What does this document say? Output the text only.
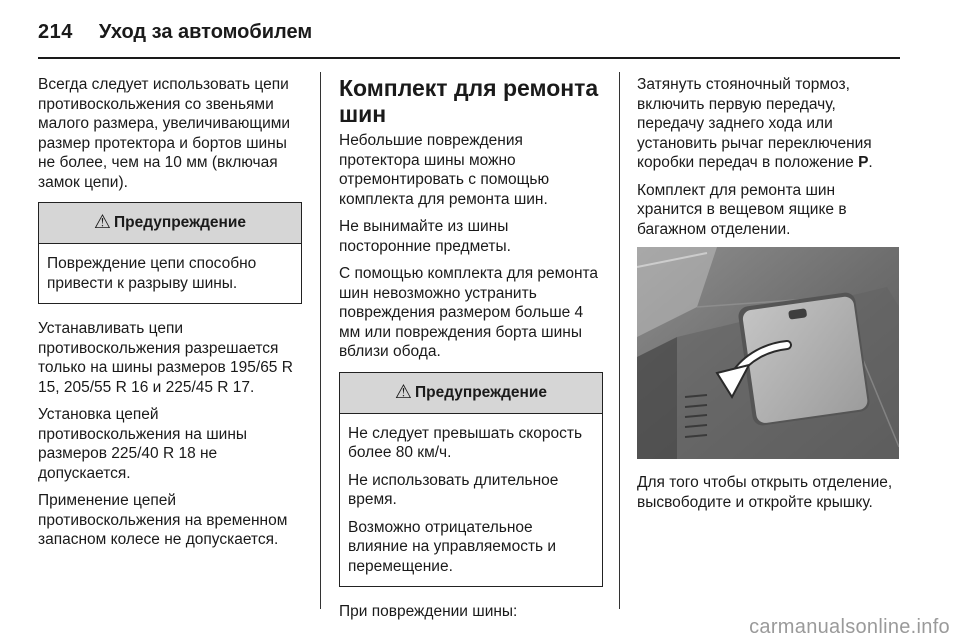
214 Уход за автомобилем

Всегда следует использовать цепи противоскольжения со звеньями малого размера, увеличивающими размер протектора и бортов шины не более, чем на 10 мм (включая замок цепи).

⚠ Предупреждение

Повреждение цепи способно привести к разрыву шины.

Устанавливать цепи противоскольжения разрешается только на шины размеров 195/65 R 15, 205/55 R 16 и 225/45 R 17.

Установка цепей противоскольжения на шины размеров 225/40 R 18 не допускается.

Применение цепей противоскольжения на временном запасном колесе не допускается.

Комплект для ремонта шин

Небольшие повреждения протектора шины можно отремонтировать с помощью комплекта для ремонта шин.

Не вынимайте из шины посторонние предметы.

С помощью комплекта для ремонта шин невозможно устранить повреждения размером больше 4 мм или повреждения борта шины вблизи обода.

⚠ Предупреждение

Не следует превышать скорость более 80 км/ч.

Не использовать длительное время.

Возможно отрицательное влияние на управляемость и перемещение.

При повреждении шины:

Затянуть стояночный тормоз, включить первую передачу, передачу заднего хода или установить рычаг переключения коробки передач в положение P.

Комплект для ремонта шин хранится в вещевом ящике в багажном отделении.

Для того чтобы открыть отделение, высвободите и откройте крышку.

carmanualsonline.info
